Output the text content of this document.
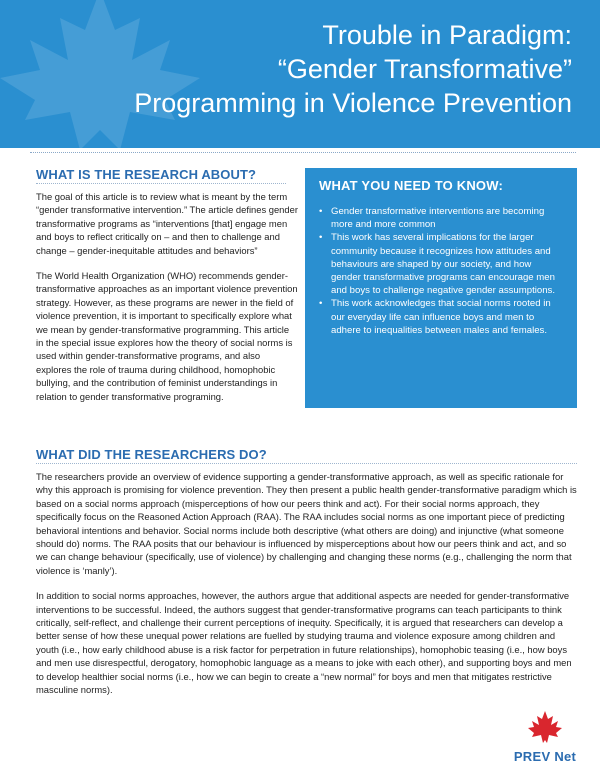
Trouble in Paradigm:
“Gender Transformative”
Programming in Violence Prevention
WHAT IS THE RESEARCH ABOUT?

The goal of this article is to review what is meant by the term “gender transformative intervention.” The article defines gender transformative programs as “interventions [that] engage men and boys to reflect critically on – and then to challenge and change – gender-inequitable attitudes and behaviors”

The World Health Organization (WHO) recommends gender-transformative approaches as an important violence prevention strategy. However, as these programs are newer in the field of violence prevention, it is important to specifically explore what we mean by gender-transformative programming. This article in the special issue explores how the theory of social norms is used within gender-transformative programs, and also explores the role of trauma during childhood, homophobic bullying, and the contribution of feminist understandings in relation to gender transformative programing.

WHAT YOU NEED TO KNOW:
• Gender transformative interventions are becoming more and more common
• This work has several implications for the larger community because it recognizes how attitudes and behaviours are shaped by our society, and how gender transformative programs can encourage men and boys to challenge negative gender assumptions.
• This work acknowledges that social norms rooted in our everyday life can influence boys and men to adhere to inequalities between males and females.
WHAT DID THE RESEARCHERS DO?

The researchers provide an overview of evidence supporting a gender-transformative approach, as well as specific rationale for why this approach is promising for violence prevention. They then present a public health gender-transformative paradigm which is based on a social norms approach (misperceptions of how our peers think and act). For their social norms approach, they specifically focus on the Reasoned Action Approach (RAA). The RAA includes social norms as one important piece of predicting behavioral intentions and behavior. Social norms include both descriptive (what others are doing) and injunctive (what someone should do) norms. The RAA posits that our behaviour is influenced by misperceptions about how our peers think and act, and so we can change behaviour (specifically, use of violence) by challenging and changing these norms (e.g., challenging the norm that violence is ‘manly’).

In addition to social norms approaches, however, the authors argue that additional aspects are needed for gender-transformative interventions to be successful. Indeed, the authors suggest that gender-transformative programs can teach participants to think critically, self-reflect, and challenge their current perceptions of inequity. Specifically, it is argued that researchers can develop a better sense of how these unequal power relations are fuelled by studying trauma and violence exposure among children and youth (i.e., how early childhood abuse is a risk factor for perpetration in future relationships), homophobic teasing (i.e., how boys and men use disrespectful, derogatory, homophobic language as a means to joke with each other), and supporting boys and men to develop healthier social norms (i.e., how we can begin to create a “new normal” for boys and men that mitigates restrictive masculine norms).

PREV Net
